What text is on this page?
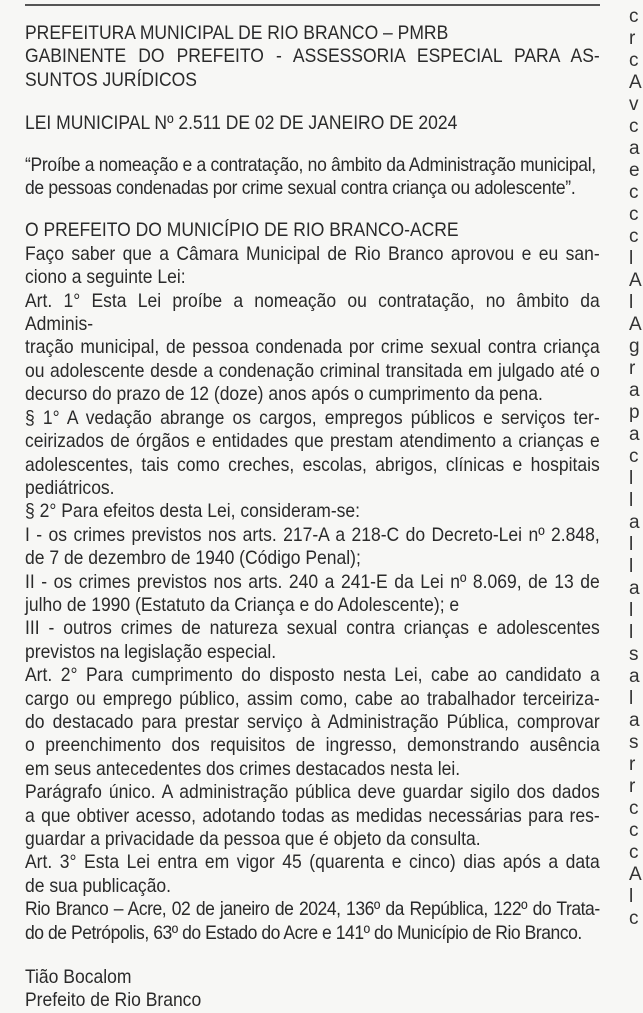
PREFEITURA MUNICIPAL DE RIO BRANCO – PMRB

GABINENTE DO PREFEITO - ASSESSORIA ESPECIAL PARA AS-

SUNTOS JURÍDICOS

LEI MUNICIPAL Nº 2.511 DE 02 DE JANEIRO DE 2024

“Proíbe a nomeação e a contratação, no âmbito da Administração municipal,

de pessoas condenadas por crime sexual contra criança ou adolescente”.

O PREFEITO DO MUNICÍPIO DE RIO BRANCO-ACRE

Faço saber que a Câmara Municipal de Rio Branco aprovou e eu san-

ciono a seguinte Lei:

Art. 1° Esta Lei proíbe a nomeação ou contratação, no âmbito da Adminis-

tração municipal, de pessoa condenada por crime sexual contra criança

ou adolescente desde a condenação criminal transitada em julgado até o

decurso do prazo de 12 (doze) anos após o cumprimento da pena.

§ 1° A vedação abrange os cargos, empregos públicos e serviços ter-

ceirizados de órgãos e entidades que prestam atendimento a crianças e

adolescentes, tais como creches, escolas, abrigos, clínicas e hospitais

pediátricos.

§ 2° Para efeitos desta Lei, consideram-se:

I - os crimes previstos nos arts. 217-A a 218-C do Decreto-Lei nº 2.848,

de 7 de dezembro de 1940 (Código Penal);

II - os crimes previstos nos arts. 240 a 241-E da Lei nº 8.069, de 13 de

julho de 1990 (Estatuto da Criança e do Adolescente); e

III - outros crimes de natureza sexual contra crianças e adolescentes

previstos na legislação especial.

Art. 2° Para cumprimento do disposto nesta Lei, cabe ao candidato a

cargo ou emprego público, assim como, cabe ao trabalhador terceiriza-

do destacado para prestar serviço à Administração Pública, comprovar

o preenchimento dos requisitos de ingresso, demonstrando ausência

em seus antecedentes dos crimes destacados nesta lei.

Parágrafo único. A administração pública deve guardar sigilo dos dados

a que obtiver acesso, adotando todas as medidas necessárias para res-

guardar a privacidade da pessoa que é objeto da consulta.

Art. 3° Esta Lei entra em vigor 45 (quarenta e cinco) dias após a data

de sua publicação.

Rio Branco – Acre, 02 de janeiro de 2024, 136º da República, 122º do Trata-

do de Petrópolis, 63º do Estado do Acre e 141º do Município de Rio Branco.

Tião Bocalom

Prefeito de Rio Branco

c
r
c
A
v
c
a
e
c
c
c
l
A
l
A
g
r
a
p
a
c
l
l
a
l
l
a
l
l
s
a
l
a
s
r
r
c
c
c
A
l
c
